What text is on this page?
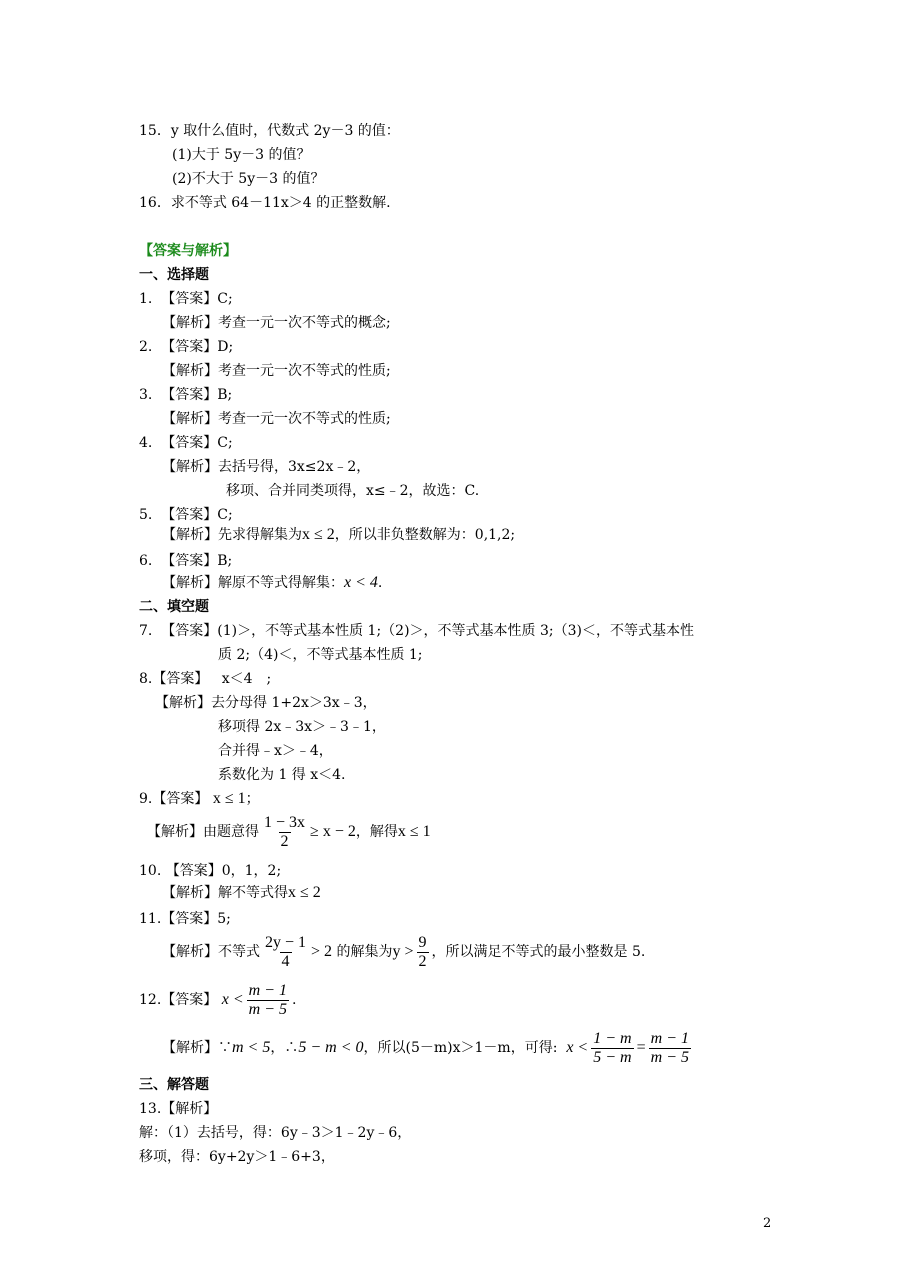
15．y 取什么值时，代数式 2y－3 的值：
(1)大于 5y－3 的值？
(2)不大于 5y－3 的值？
16．求不等式 64－11x＞4 的正整数解.
【答案与解析】
一、选择题
1. 【答案】C;
【解析】考查一元一次不等式的概念;
2. 【答案】D;
【解析】考查一元一次不等式的性质;
3. 【答案】B;
【解析】考查一元一次不等式的性质;
4. 【答案】C;
【解析】去括号得，3x≤2x﹣2，
移项、合并同类项得，x≤﹣2，故选：C.
5. 【答案】C;
【解析】先求得解集为x ≤ 2，所以非负整数解为：0,1,2;
6. 【答案】B;
【解析】解原不等式得解集：x < 4.
二、填空题
7. 【答案】(1)＞，不等式基本性质 1;（2)＞，不等式基本性质 3;（3)＜，不等式基本性
质 2;（4)＜，不等式基本性质 1;
8.【答案】 x＜4　;
【解析】去分母得 1+2x＞3x﹣3，
移项得 2x﹣3x＞﹣3﹣1，
合并得﹣x＞﹣4，
系数化为 1 得 x＜4.
9.【答案】 x ≤ 1；
【解析】由题意得 $\frac{1 - 3x}{2} \ge x - 2$，解得x ≤ 1
10. 【答案】0，1，2;
【解析】解不等式得x ≤ 2
11.【答案】5;
【解析】不等式 $\frac{2y - 1}{4} > 2$ 的解集为$y > \frac{9}{2}$ ，所以满足不等式的最小整数是 5.
12.【答案】 $x < \frac{m - 1}{m - 5}$ .
【解析】∵m < 5，∴5 − m < 0，所以(5－m)x＞1－m，可得: $x < \frac{1 - m}{5 - m} = \frac{m - 1}{m - 5}$
三、解答题
13.【解析】
解：（1）去括号，得：6y﹣3＞1﹣2y﹣6，
移项，得：6y+2y＞1﹣6+3，
2
